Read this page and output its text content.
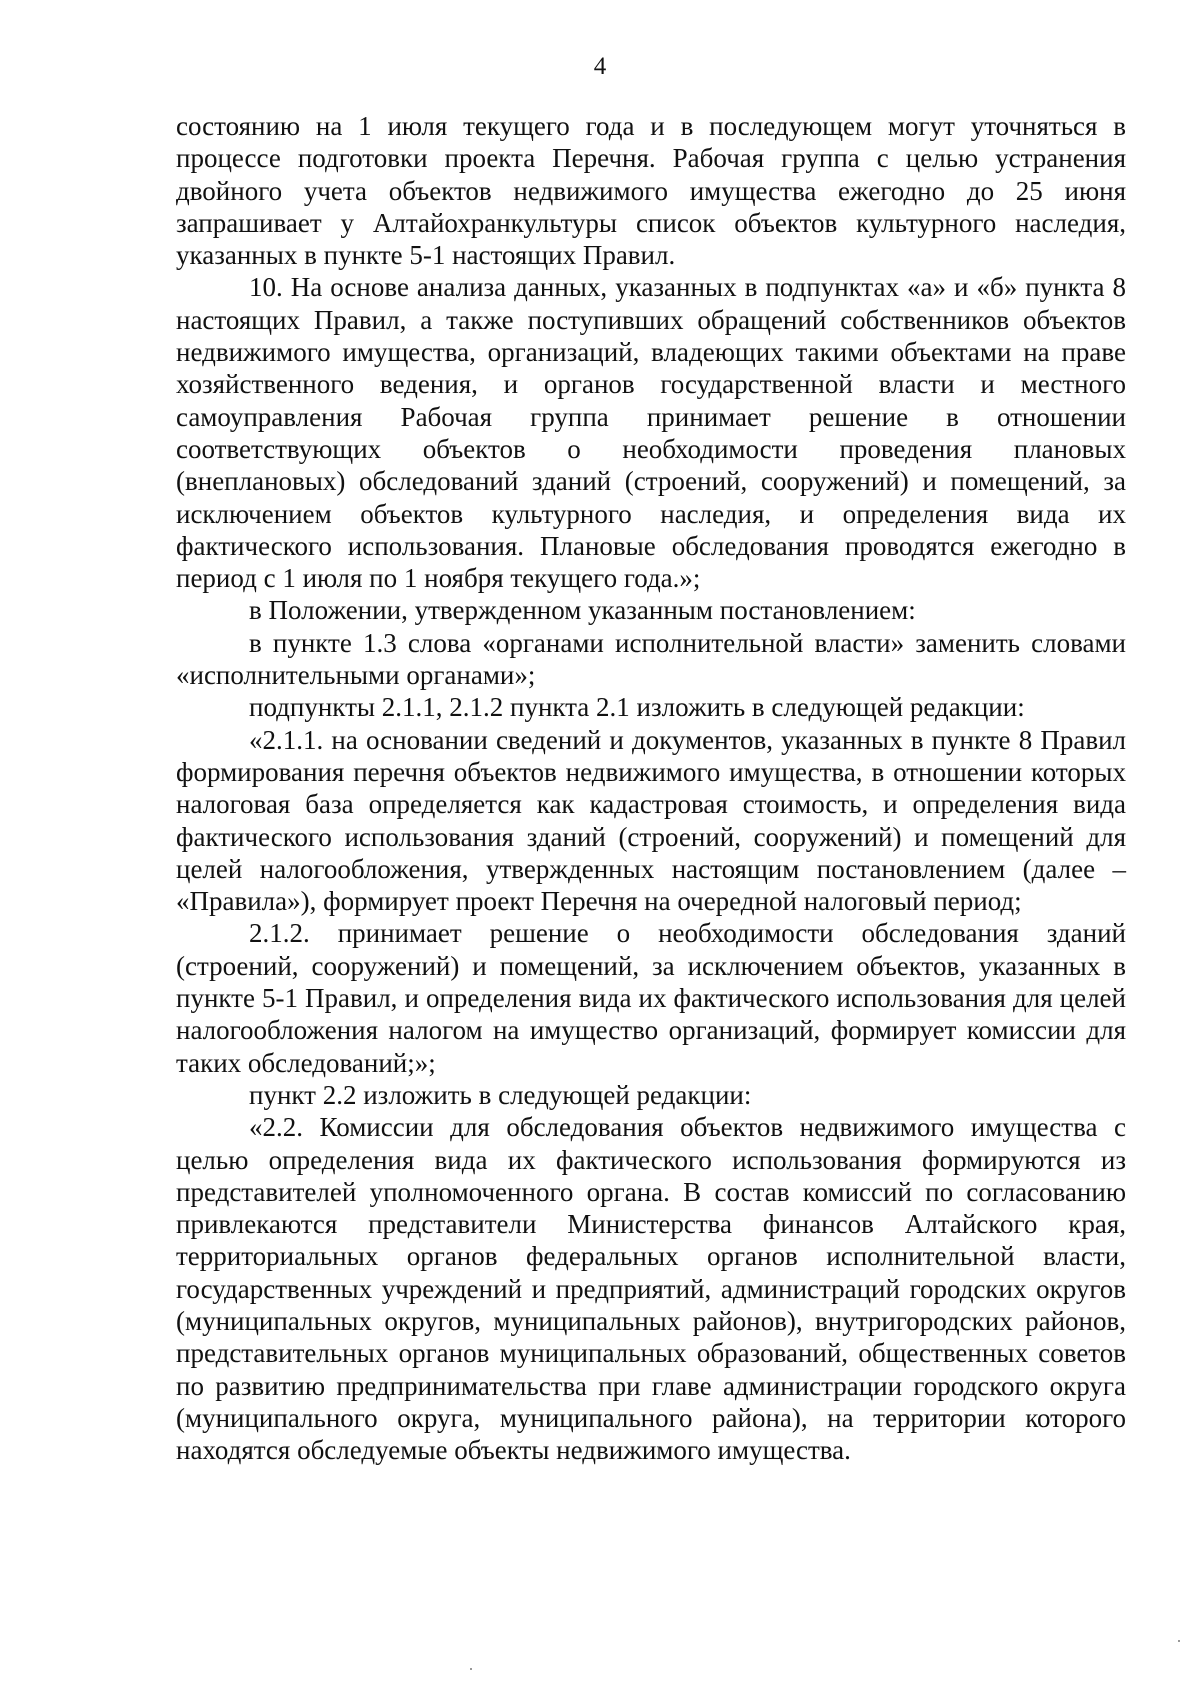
4

состоянию на 1 июля текущего года и в последующем могут уточняться в процессе подготовки проекта Перечня. Рабочая группа с целью устранения двойного учета объектов недвижимого имущества ежегодно до 25 июня запрашивает у Алтайохранкультуры список объектов культурного наследия, указанных в пункте 5-1 настоящих Правил.

10. На основе анализа данных, указанных в подпунктах «а» и «б» пункта 8 настоящих Правил, а также поступивших обращений собственников объектов недвижимого имущества, организаций, владеющих такими объектами на праве хозяйственного ведения, и органов государственной власти и местного самоуправления Рабочая группа принимает решение в отношении соответствующих объектов о необходимости проведения плановых (внеплановых) обследований зданий (строений, сооружений) и помещений, за исключением объектов культурного наследия, и определения вида их фактического использования. Плановые обследования проводятся ежегодно в период с 1 июля по 1 ноября текущего года.»;

в Положении, утвержденном указанным постановлением:

в пункте 1.3 слова «органами исполнительной власти» заменить словами «исполнительными органами»;

подпункты 2.1.1, 2.1.2 пункта 2.1 изложить в следующей редакции:

«2.1.1. на основании сведений и документов, указанных в пункте 8 Правил формирования перечня объектов недвижимого имущества, в отношении которых налоговая база определяется как кадастровая стоимость, и определения вида фактического использования зданий (строений, сооружений) и помещений для целей налогообложения, утвержденных настоящим постановлением (далее – «Правила»), формирует проект Перечня на очередной налоговый период;

2.1.2. принимает решение о необходимости обследования зданий (строений, сооружений) и помещений, за исключением объектов, указанных в пункте 5-1 Правил, и определения вида их фактического использования для целей налогообложения налогом на имущество организаций, формирует комиссии для таких обследований;»;

пункт 2.2 изложить в следующей редакции:

«2.2. Комиссии для обследования объектов недвижимого имущества с целью определения вида их фактического использования формируются из представителей уполномоченного органа. В состав комиссий по согласованию привлекаются представители Министерства финансов Алтайского края, территориальных органов федеральных органов исполнительной власти, государственных учреждений и предприятий, администраций городских округов (муниципальных округов, муниципальных районов), внутригородских районов, представительных органов муниципальных образований, общественных советов по развитию предпринимательства при главе администрации городского округа (муниципального округа, муниципального района), на территории которого находятся обследуемые объекты недвижимого имущества.
